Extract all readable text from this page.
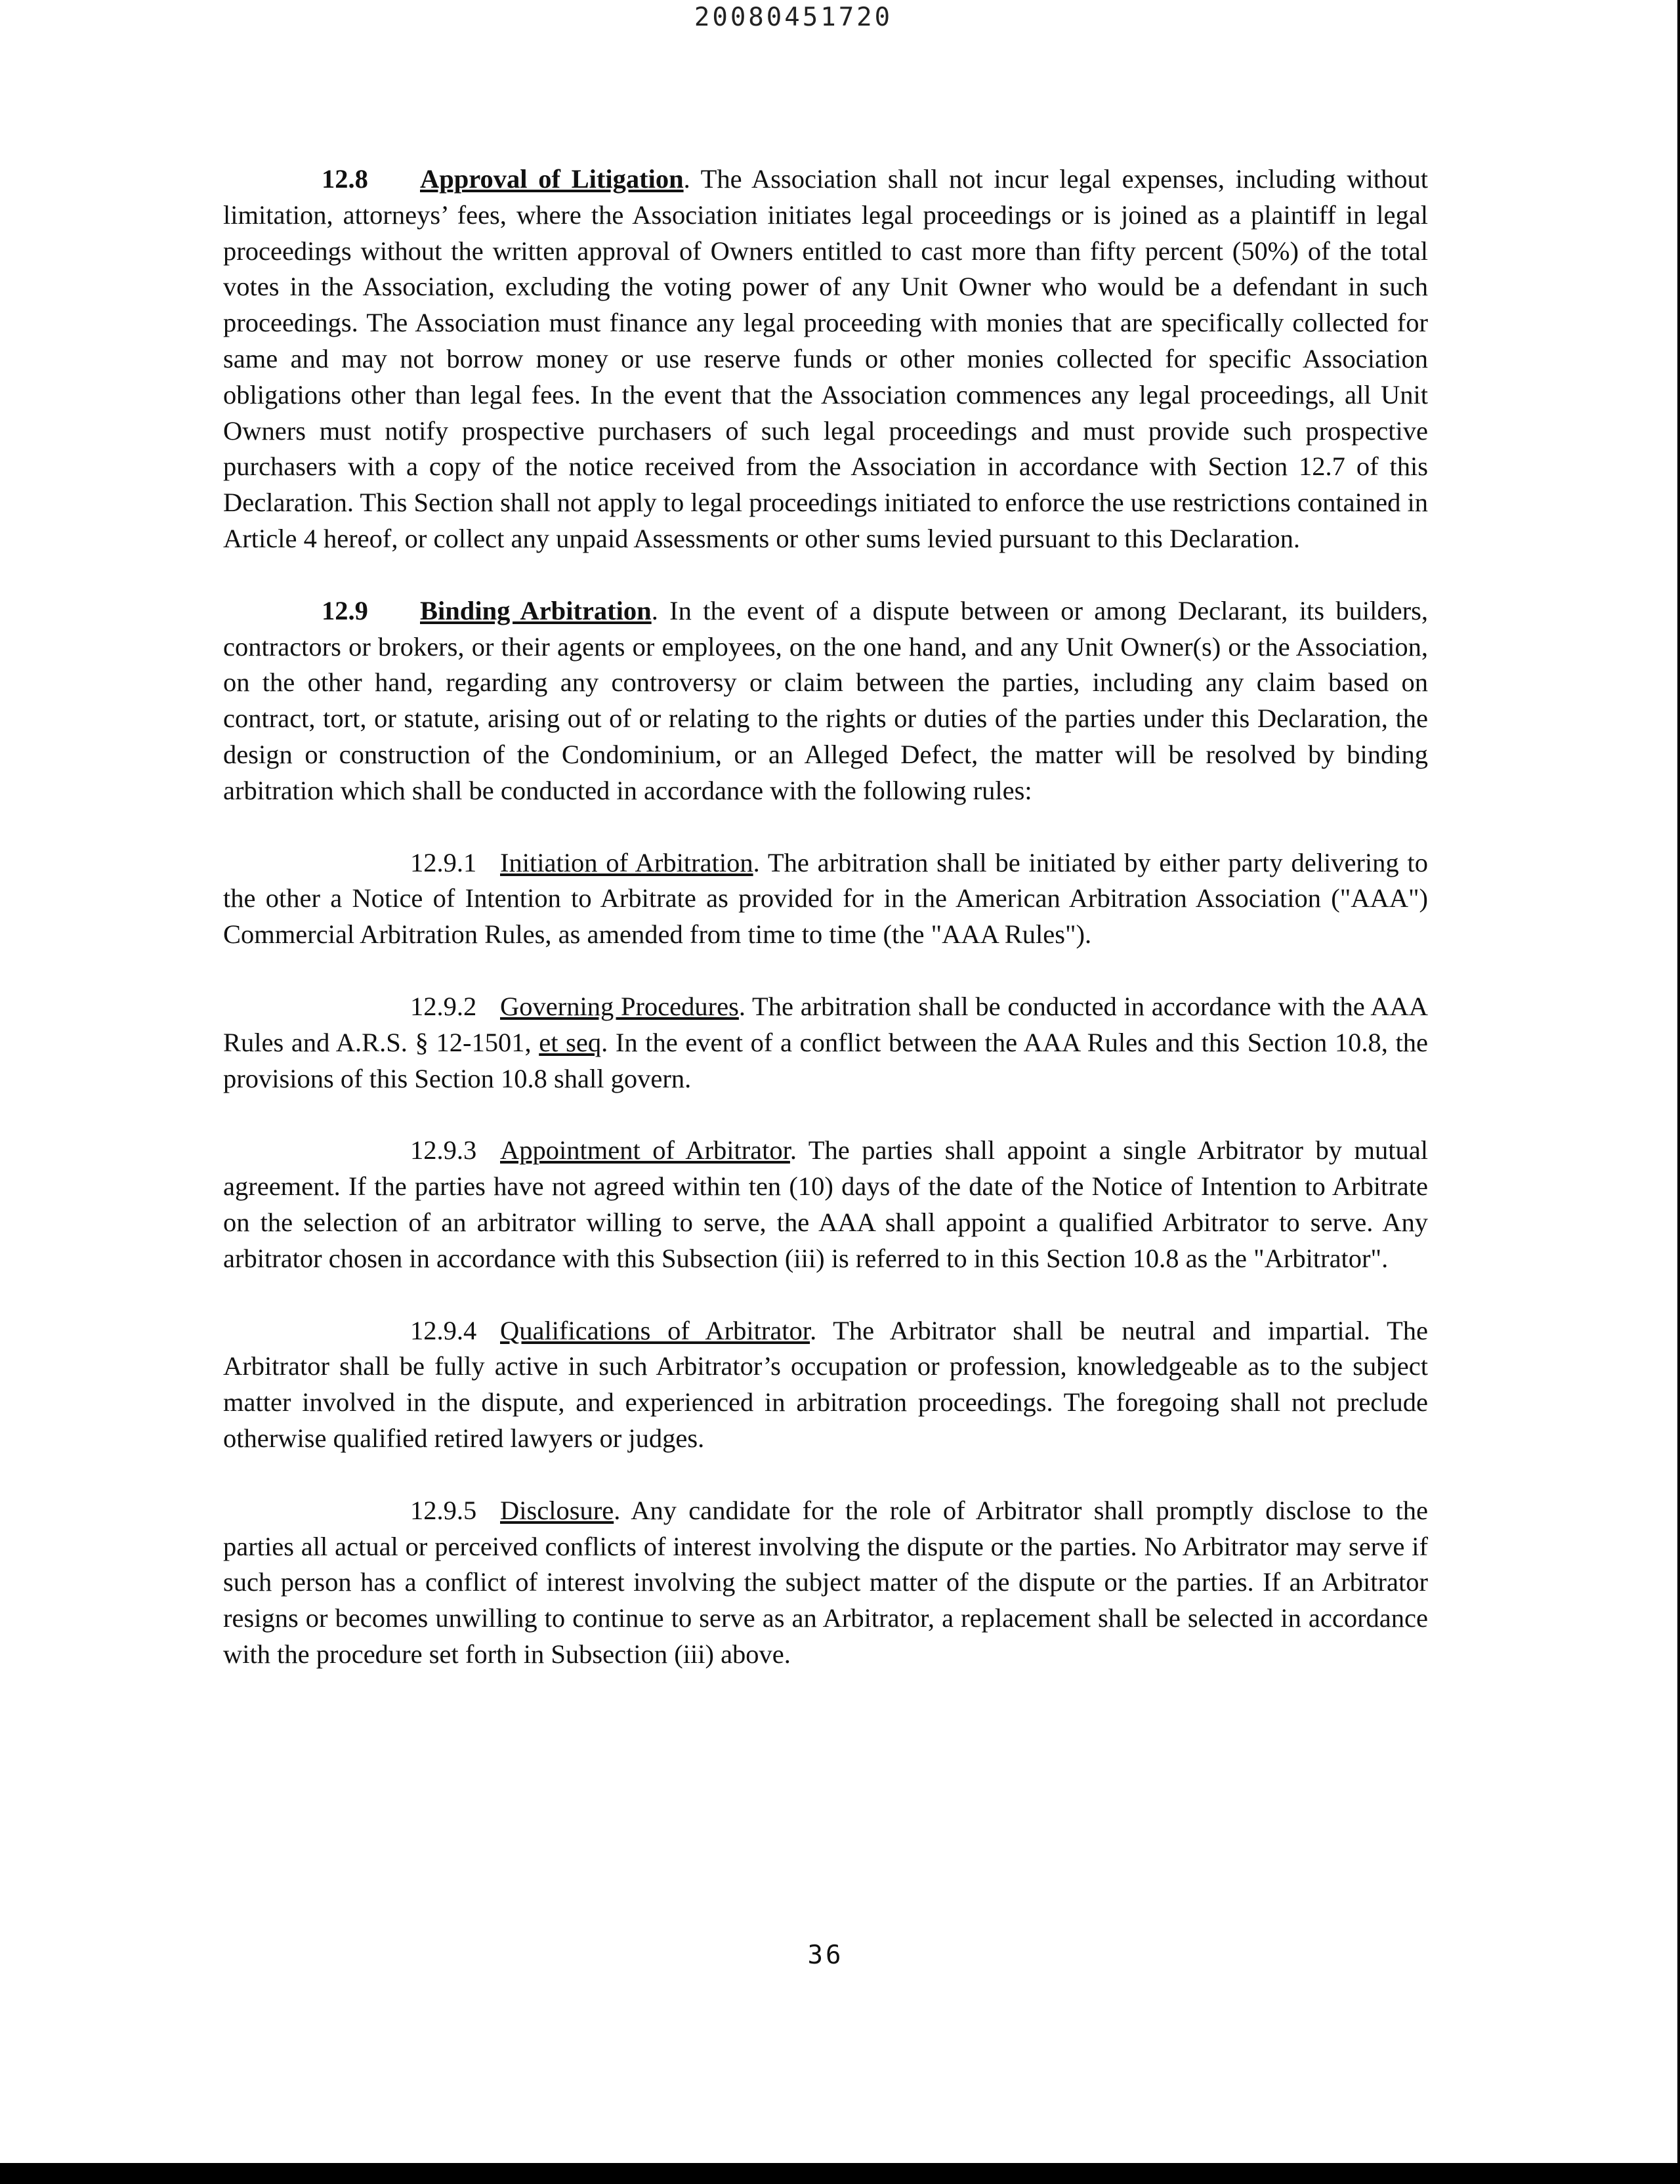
20080451720

12.8 Approval of Litigation. The Association shall not incur legal expenses, including without limitation, attorneys’ fees, where the Association initiates legal proceedings or is joined as a plaintiff in legal proceedings without the written approval of Owners entitled to cast more than fifty percent (50%) of the total votes in the Association, excluding the voting power of any Unit Owner who would be a defendant in such proceedings. The Association must finance any legal proceeding with monies that are specifically collected for same and may not borrow money or use reserve funds or other monies collected for specific Association obligations other than legal fees. In the event that the Association commences any legal proceedings, all Unit Owners must notify prospective purchasers of such legal proceedings and must provide such prospective purchasers with a copy of the notice received from the Association in accordance with Section 12.7 of this Declaration. This Section shall not apply to legal proceedings initiated to enforce the use restrictions contained in Article 4 hereof, or collect any unpaid Assessments or other sums levied pursuant to this Declaration.

12.9 Binding Arbitration. In the event of a dispute between or among Declarant, its builders, contractors or brokers, or their agents or employees, on the one hand, and any Unit Owner(s) or the Association, on the other hand, regarding any controversy or claim between the parties, including any claim based on contract, tort, or statute, arising out of or relating to the rights or duties of the parties under this Declaration, the design or construction of the Condominium, or an Alleged Defect, the matter will be resolved by binding arbitration which shall be conducted in accordance with the following rules:

12.9.1 Initiation of Arbitration. The arbitration shall be initiated by either party delivering to the other a Notice of Intention to Arbitrate as provided for in the American Arbitration Association ("AAA") Commercial Arbitration Rules, as amended from time to time (the "AAA Rules").

12.9.2 Governing Procedures. The arbitration shall be conducted in accordance with the AAA Rules and A.R.S. § 12-1501, et seq. In the event of a conflict between the AAA Rules and this Section 10.8, the provisions of this Section 10.8 shall govern.

12.9.3 Appointment of Arbitrator. The parties shall appoint a single Arbitrator by mutual agreement. If the parties have not agreed within ten (10) days of the date of the Notice of Intention to Arbitrate on the selection of an arbitrator willing to serve, the AAA shall appoint a qualified Arbitrator to serve. Any arbitrator chosen in accordance with this Subsection (iii) is referred to in this Section 10.8 as the "Arbitrator".

12.9.4 Qualifications of Arbitrator. The Arbitrator shall be neutral and impartial. The Arbitrator shall be fully active in such Arbitrator’s occupation or profession, knowledgeable as to the subject matter involved in the dispute, and experienced in arbitration proceedings. The foregoing shall not preclude otherwise qualified retired lawyers or judges.

12.9.5 Disclosure. Any candidate for the role of Arbitrator shall promptly disclose to the parties all actual or perceived conflicts of interest involving the dispute or the parties. No Arbitrator may serve if such person has a conflict of interest involving the subject matter of the dispute or the parties. If an Arbitrator resigns or becomes unwilling to continue to serve as an Arbitrator, a replacement shall be selected in accordance with the procedure set forth in Subsection (iii) above.

36
